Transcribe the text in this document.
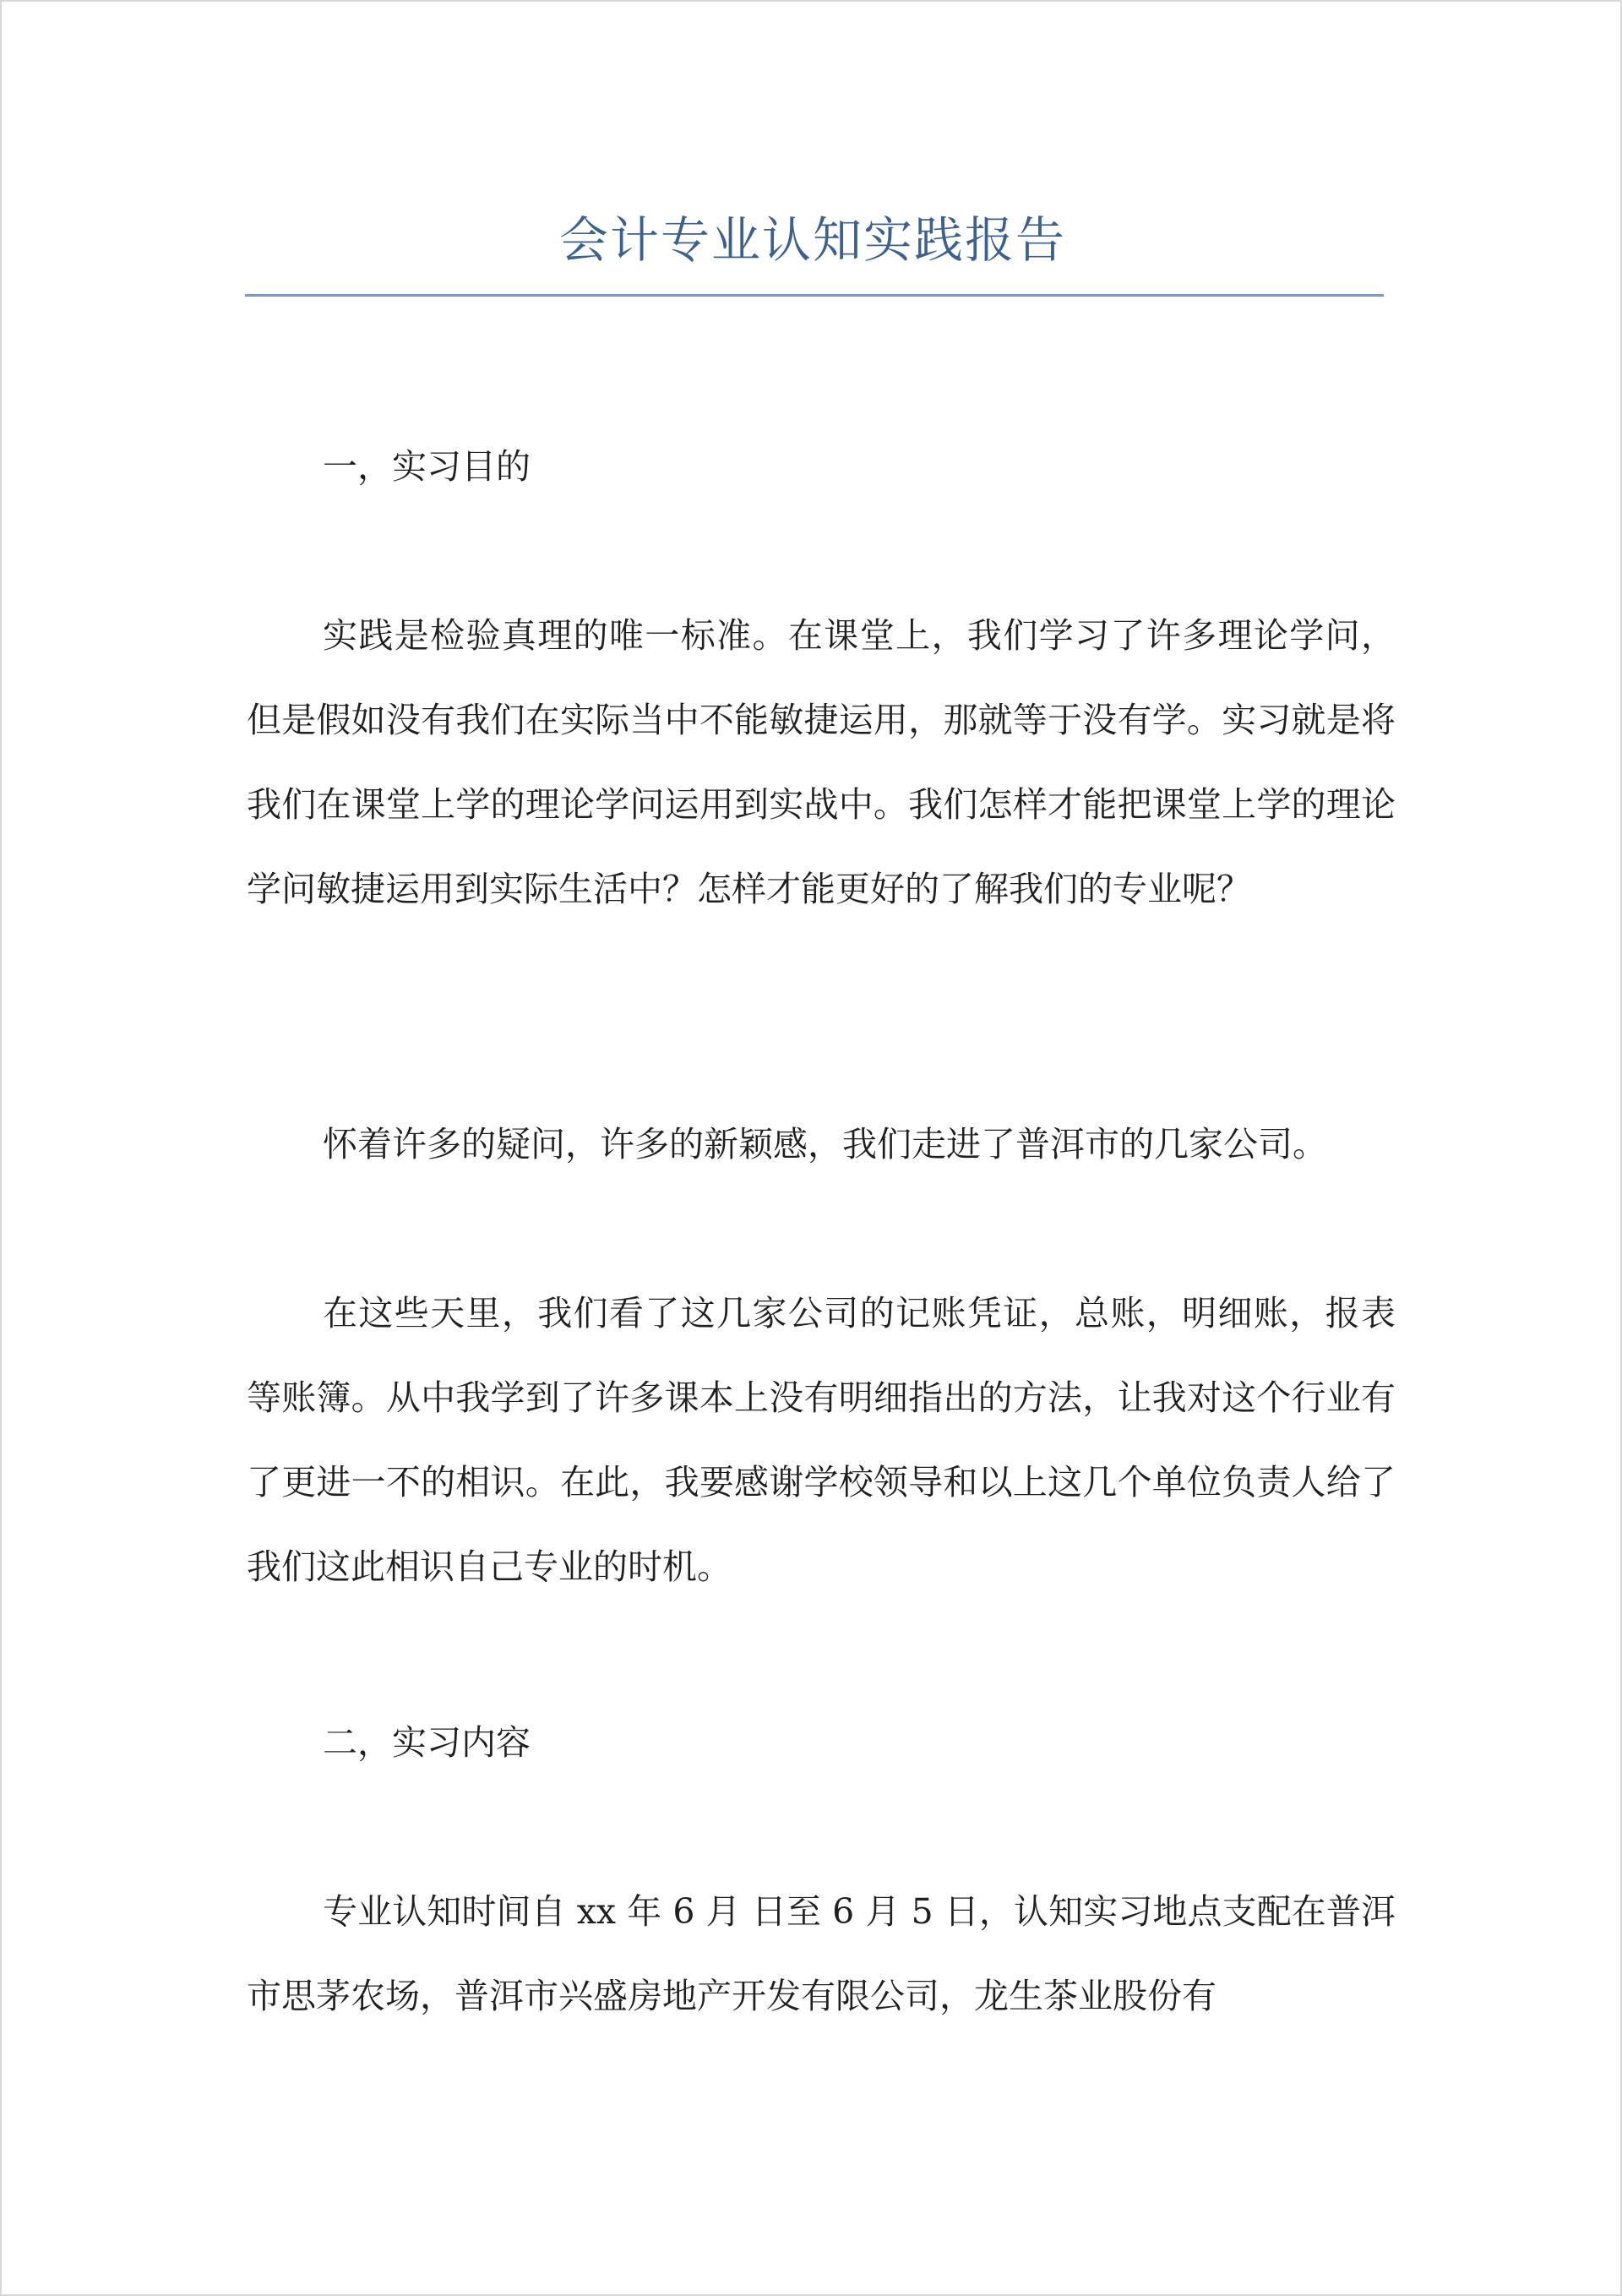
会计专业认知实践报告
一，实习目的

实践是检验真理的唯一标准。在课堂上，我们学习了许多理论学问，但是假如没有我们在实际当中不能敏捷运用，那就等于没有学。实习就是将我们在课堂上学的理论学问运用到实战中。我们怎样才能把课堂上学的理论学问敏捷运用到实际生活中？怎样才能更好的了解我们的专业呢？

怀着许多的疑问，许多的新颖感，我们走进了普洱市的几家公司。

在这些天里，我们看了这几家公司的记账凭证，总账，明细账，报表等账簿。从中我学到了许多课本上没有明细指出的方法，让我对这个行业有了更进一不的相识。在此，我要感谢学校领导和以上这几个单位负责人给了我们这此相识自己专业的时机。

二，实习内容

专业认知时间自 xx 年 6 月 日至 6 月 5 日，认知实习地点支配在普洱市思茅农场，普洱市兴盛房地产开发有限公司，龙生茶业股份有
